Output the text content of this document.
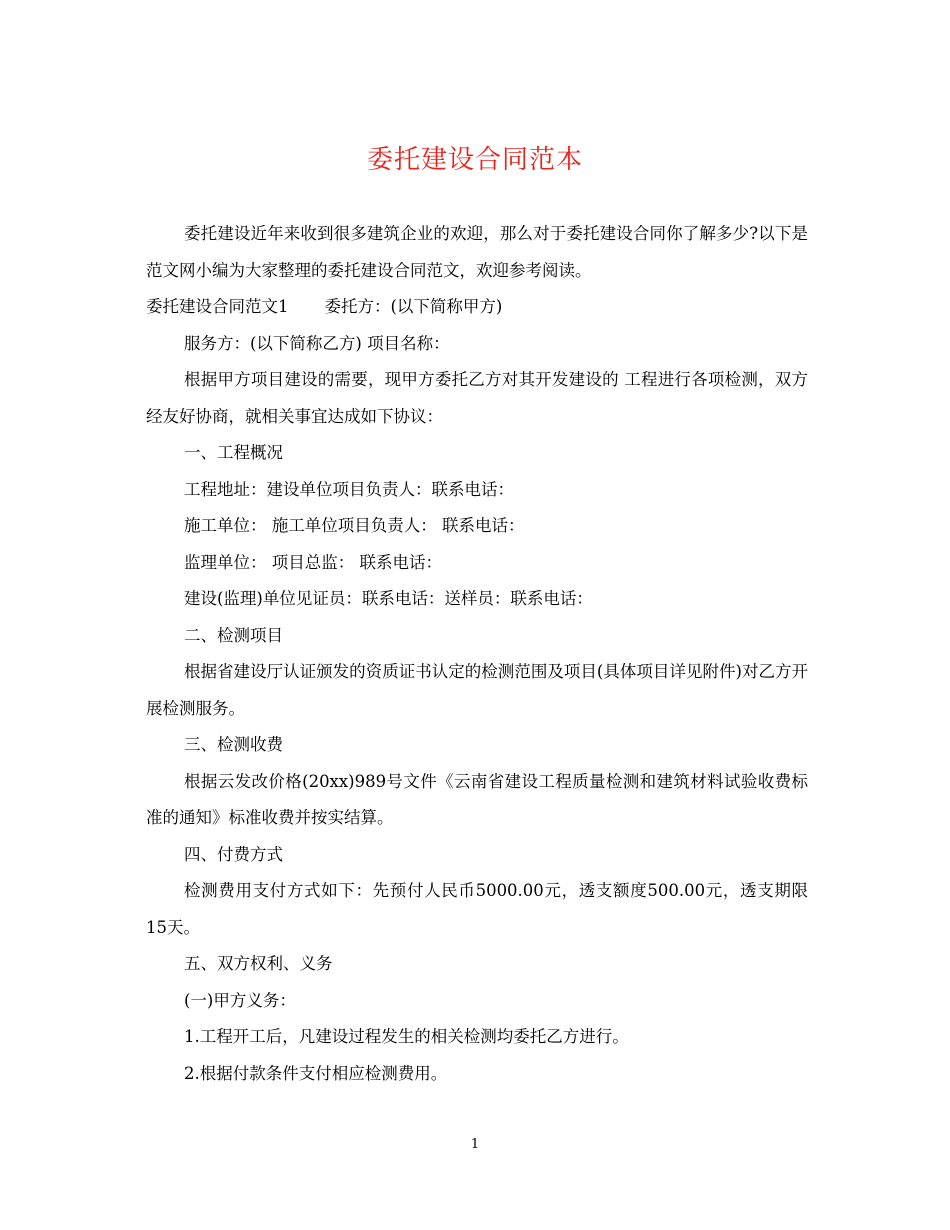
委托建设合同范本

委托建设近年来收到很多建筑企业的欢迎，那么对于委托建设合同你了解多少?以下是范文网小编为大家整理的委托建设合同范文，欢迎参考阅读。

委托建设合同范文1 委托方：(以下简称甲方)

服务方：(以下简称乙方) 项目名称：

根据甲方项目建设的需要，现甲方委托乙方对其开发建设的 工程进行各项检测，双方经友好协商，就相关事宜达成如下协议：

一、工程概况

工程地址：建设单位项目负责人：联系电话：

施工单位： 施工单位项目负责人： 联系电话：

监理单位： 项目总监： 联系电话：

建设(监理)单位见证员：联系电话：送样员：联系电话：

二、检测项目

根据省建设厅认证颁发的资质证书认定的检测范围及项目(具体项目详见附件)对乙方开展检测服务。

三、检测收费

根据云发改价格(20xx)989号文件《云南省建设工程质量检测和建筑材料试验收费标准的通知》标准收费并按实结算。

四、付费方式

检测费用支付方式如下：先预付人民币5000.00元，透支额度500.00元，透支期限15天。

五、双方权利、义务

(一)甲方义务：

1.工程开工后，凡建设过程发生的相关检测均委托乙方进行。

2.根据付款条件支付相应检测费用。

1
